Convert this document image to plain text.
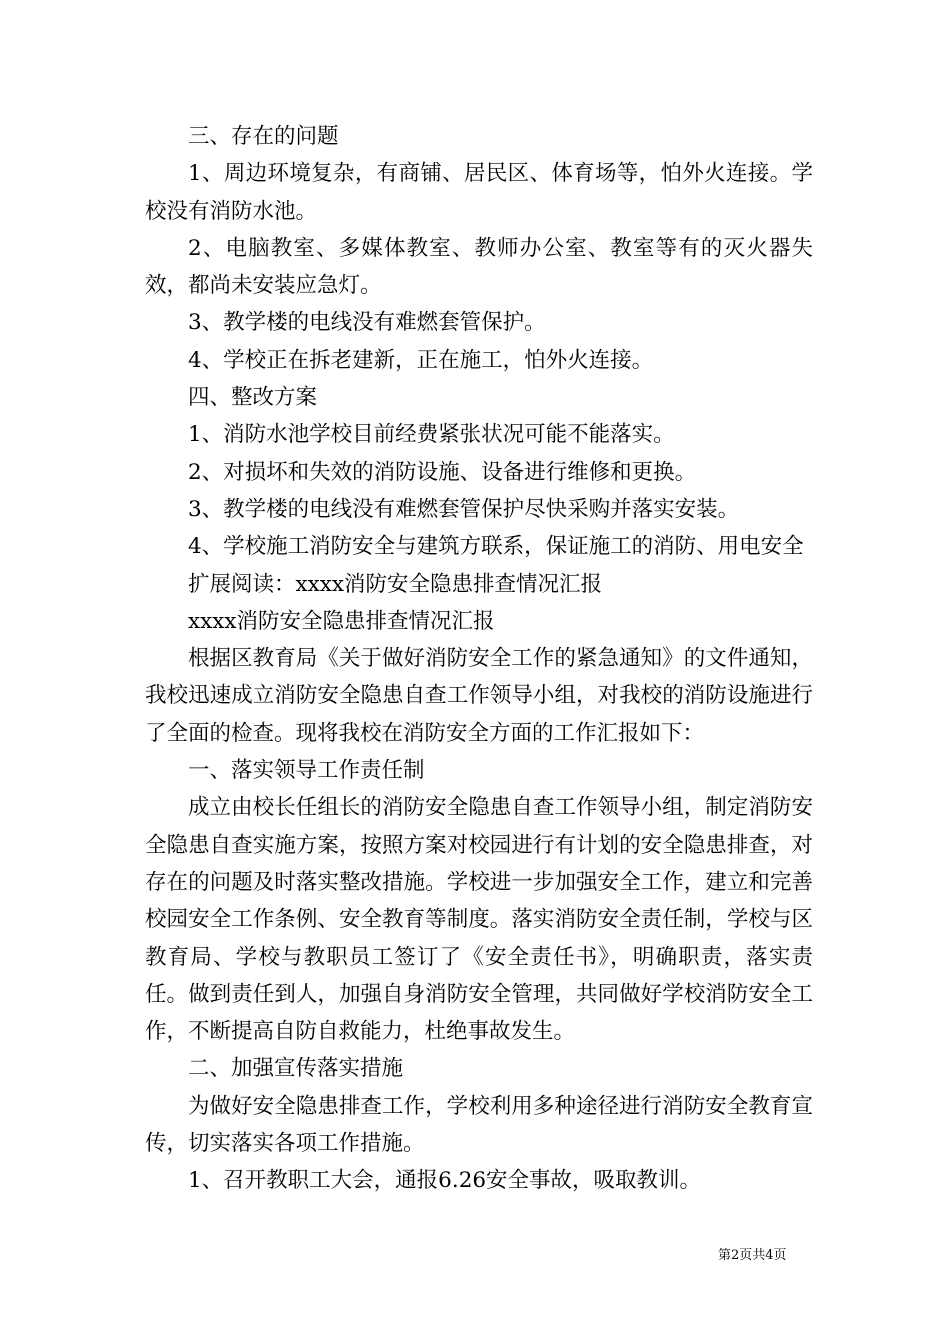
三、存在的问题

1、周边环境复杂，有商铺、居民区、体育场等，怕外火连接。学校没有消防水池。

2、电脑教室、多媒体教室、教师办公室、教室等有的灭火器失效，都尚未安装应急灯。

3、教学楼的电线没有难燃套管保护。

4、学校正在拆老建新，正在施工，怕外火连接。

四、整改方案

1、消防水池学校目前经费紧张状况可能不能落实。

2、对损坏和失效的消防设施、设备进行维修和更换。

3、教学楼的电线没有难燃套管保护尽快采购并落实安装。

4、学校施工消防安全与建筑方联系，保证施工的消防、用电安全

扩展阅读：xxxx消防安全隐患排查情况汇报

xxxx消防安全隐患排查情况汇报

根据区教育局《关于做好消防安全工作的紧急通知》的文件通知，我校迅速成立消防安全隐患自查工作领导小组，对我校的消防设施进行了全面的检查。现将我校在消防安全方面的工作汇报如下：

一、落实领导工作责任制

成立由校长任组长的消防安全隐患自查工作领导小组，制定消防安全隐患自查实施方案，按照方案对校园进行有计划的安全隐患排查，对存在的问题及时落实整改措施。学校进一步加强安全工作，建立和完善校园安全工作条例、安全教育等制度。落实消防安全责任制，学校与区教育局、学校与教职员工签订了《安全责任书》，明确职责，落实责任。做到责任到人，加强自身消防安全管理，共同做好学校消防安全工作，不断提高自防自救能力，杜绝事故发生。

二、加强宣传落实措施

为做好安全隐患排查工作，学校利用多种途径进行消防安全教育宣传，切实落实各项工作措施。

1、召开教职工大会，通报6.26安全事故，吸取教训。

第2页共4页
